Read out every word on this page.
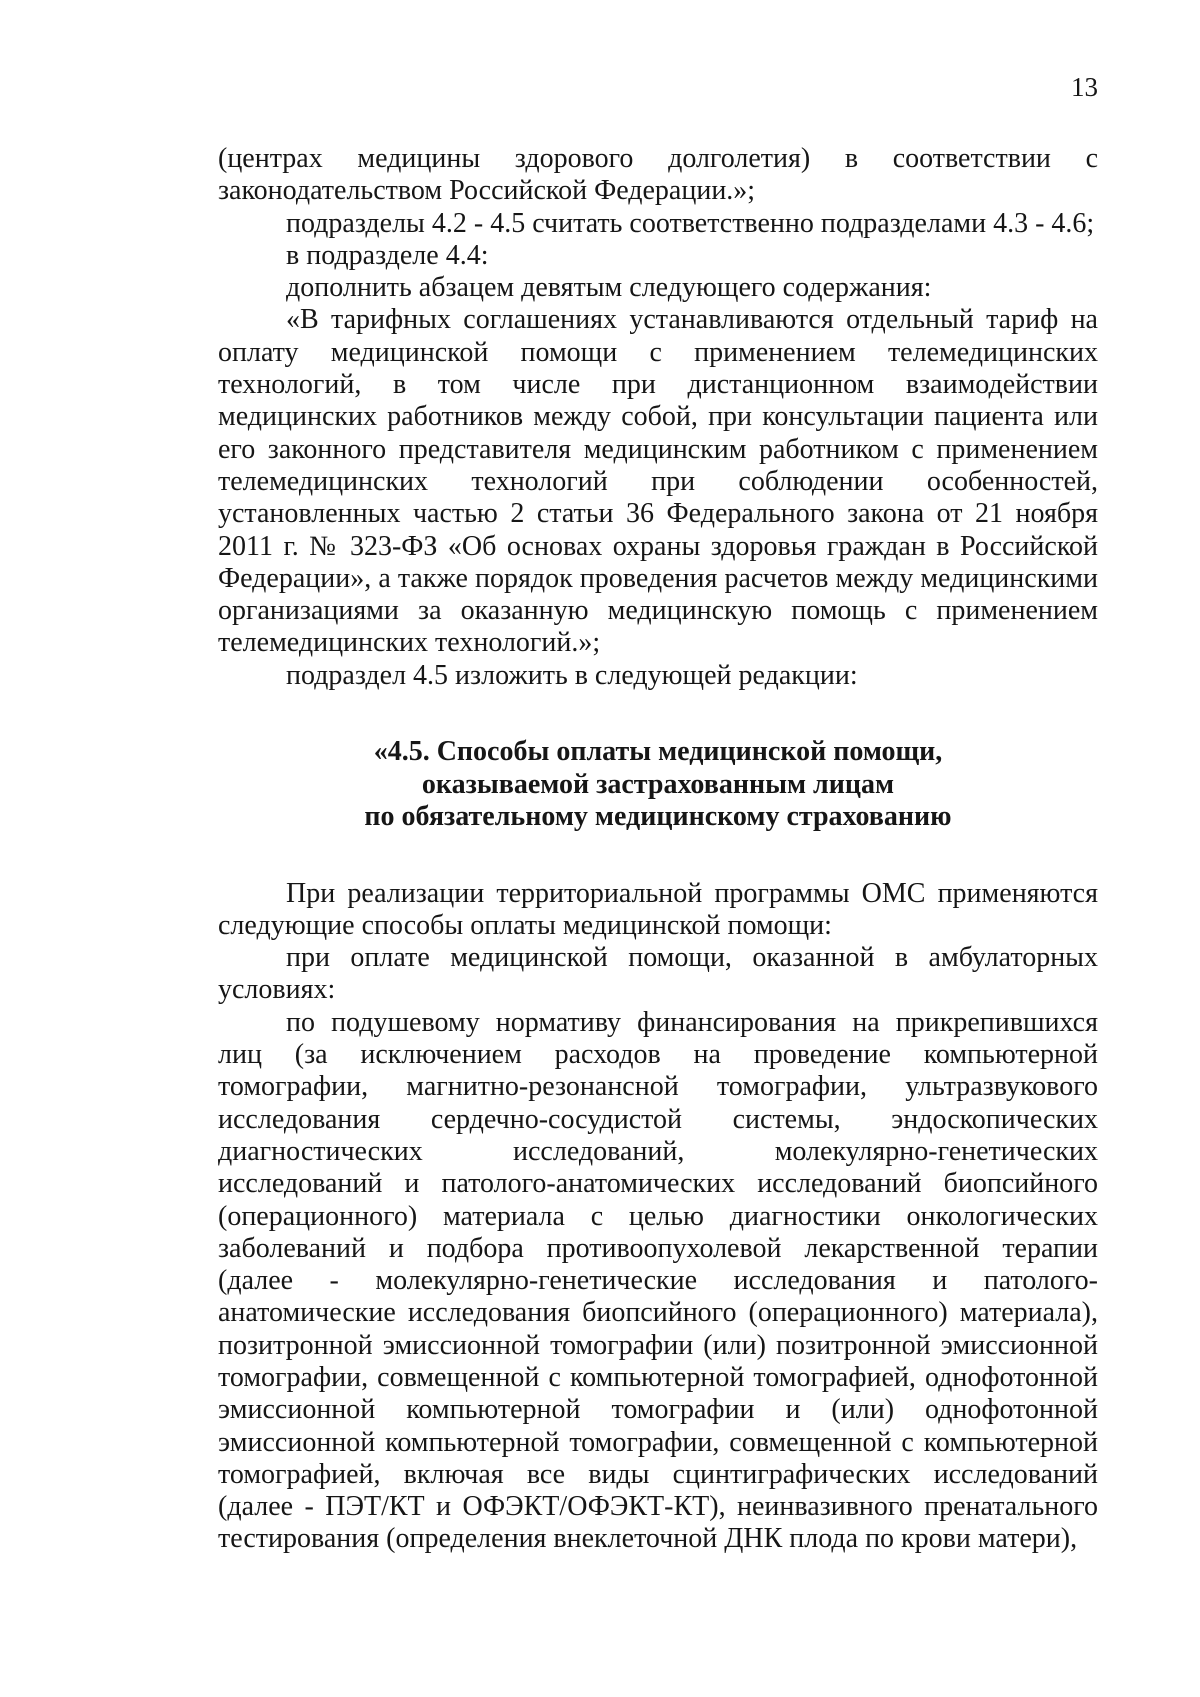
13

(центрах медицины здорового долголетия) в соответствии с законодательством Российской Федерации.»;

подразделы 4.2 - 4.5 считать соответственно подразделами 4.3 - 4.6;

в подразделе 4.4:

дополнить абзацем девятым следующего содержания:

«В тарифных соглашениях устанавливаются отдельный тариф на оплату медицинской помощи с применением телемедицинских технологий, в том числе при дистанционном взаимодействии медицинских работников между собой, при консультации пациента или его законного представителя медицинским работником с применением телемедицинских технологий при соблюдении особенностей, установленных частью 2 статьи 36 Федерального закона от 21 ноября 2011 г. № 323-ФЗ «Об основах охраны здоровья граждан в Российской Федерации», а также порядок проведения расчетов между медицинскими организациями за оказанную медицинскую помощь с применением телемедицинских технологий.»;

подраздел 4.5 изложить в следующей редакции:

«4.5. Способы оплаты медицинской помощи,
оказываемой застрахованным лицам
по обязательному медицинскому страхованию

При реализации территориальной программы ОМС применяются следующие способы оплаты медицинской помощи:

при оплате медицинской помощи, оказанной в амбулаторных условиях:

по подушевому нормативу финансирования на прикрепившихся лиц (за исключением расходов на проведение компьютерной томографии, магнитно-резонансной томографии, ультразвукового исследования сердечно-сосудистой системы, эндоскопических диагностических исследований, молекулярно-генетических исследований и патолого-анатомических исследований биопсийного (операционного) материала с целью диагностики онкологических заболеваний и подбора противоопухолевой лекарственной терапии (далее - молекулярно-генетические исследования и патолого-анатомические исследования биопсийного (операционного) материала), позитронной эмиссионной томографии (или) позитронной эмиссионной томографии, совмещенной с компьютерной томографией, однофотонной эмиссионной компьютерной томографии и (или) однофотонной эмиссионной компьютерной томографии, совмещенной с компьютерной томографией, включая все виды сцинтиграфических исследований (далее - ПЭТ/КТ и ОФЭКТ/ОФЭКТ-КТ), неинвазивного пренатального тестирования (определения внеклеточной ДНК плода по крови матери),
